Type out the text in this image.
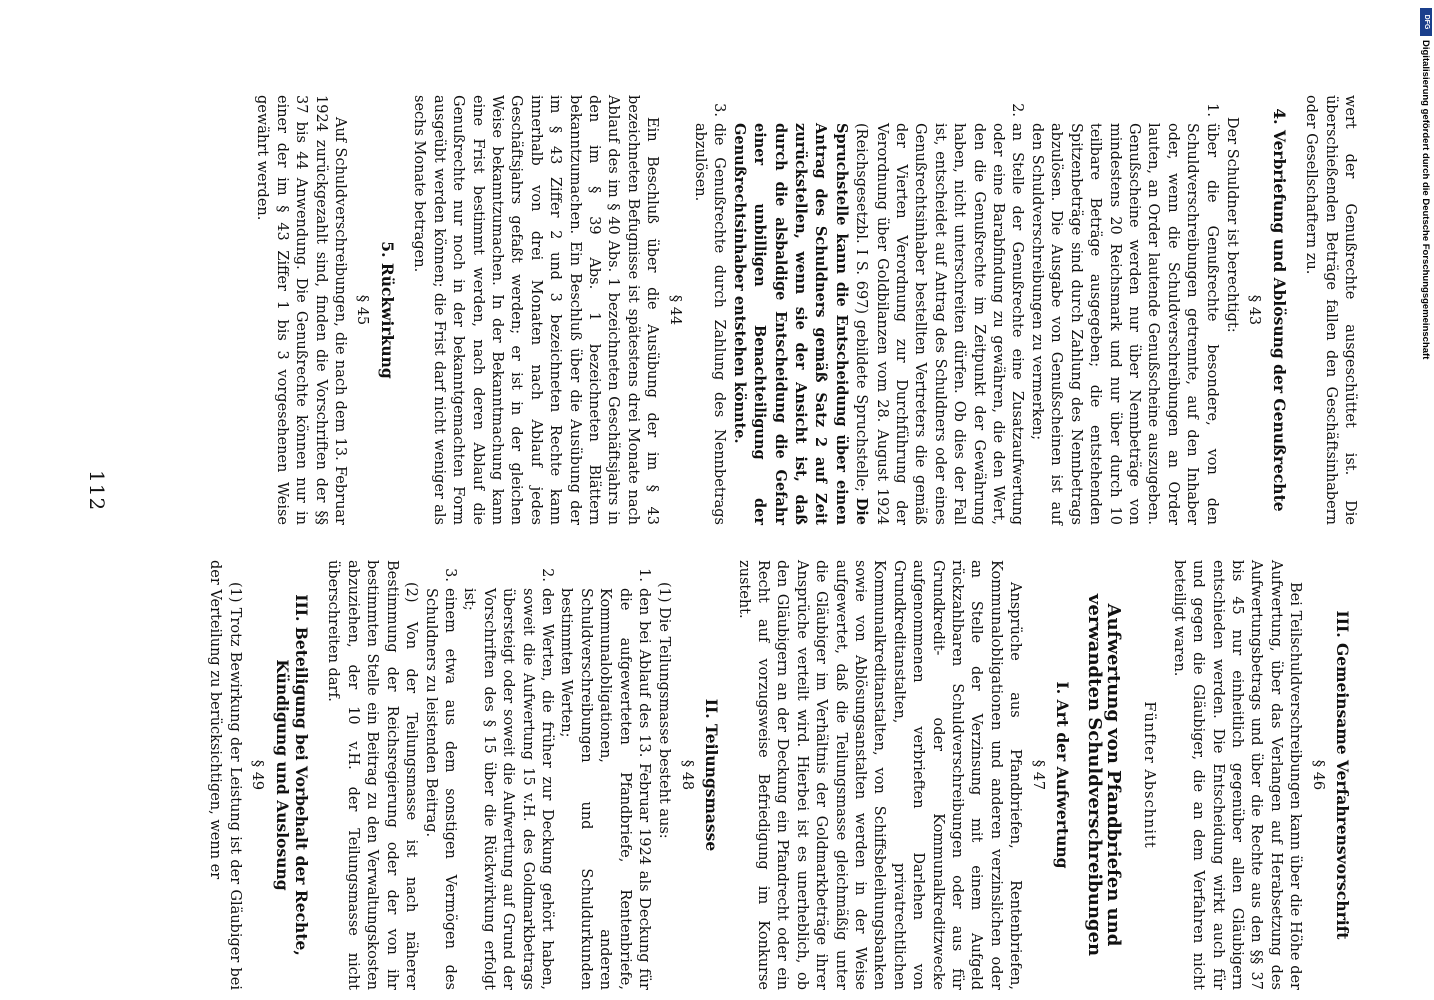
wert der Genußrechte ausgeschüttet ist. Die überschießenden Beträge fallen den Geschäftsinhabern oder Gesellschaftern zu.

4. Verbriefung und Ablösung der Genußrechte
§ 43

Der Schuldner ist berechtigt:

1.
über die Genußrechte besondere, von den Schuldverschreibungen getrennte, auf den Inhaber oder, wenn die Schuldverschreibungen an Order lauten, an Order lautende Genußscheine auszugeben. Genußscheine werden nur über Nennbeträge von mindestens 20 Reichsmark und nur über durch 10 teilbare Beträge ausgegeben; die entstehenden Spitzenbeträge sind durch Zahlung des Nennbetrags abzulösen. Die Ausgabe von Genußscheinen ist auf den Schuldverschreibungen zu vermerken;
2.
an Stelle der Genußrechte eine Zusatzaufwertung oder eine Barabfindung zu gewähren, die den Wert, den die Genußrechte im Zeitpunkt der Gewährung haben, nicht unterschreiten dürfen. Ob dies der Fall ist, entscheidet auf Antrag des Schuldners oder eines Genußrechtsinhaber bestellten Vertreters die gemäß der Vierten Verordnung zur Durchführung der Verordnung über Goldbilanzen vom 28. August 1924 (Reichsgesetzbl. I S. 697) gebildete Spruchstelle; Die Spruchstelle kann die Entscheidung über einen Antrag des Schuldners gemäß Satz 2 auf Zeit zurückstellen, wenn sie der Ansicht ist, daß durch die alsbaldige Entscheidung die Gefahr einer unbilligen Benachteiligung der Genußrechtsinhaber entstehen könnte.
3.
die Genußrechte durch Zahlung des Nennbetrags abzulösen.
§ 44

Ein Beschluß über die Ausübung der im § 43 bezeichneten Befugnisse ist spätestens drei Monate nach Ablauf des im § 40 Abs. 1 bezeichneten Geschäftsjahrs in den im § 39 Abs. 1 bezeichneten Blättern bekanntzumachen. Ein Beschluß über die Ausübung der im § 43 Ziffer 2 und 3 bezeichneten Rechte kann innerhalb von drei Monaten nach Ablauf jedes Geschäftsjahrs gefaßt werden; er ist in der gleichen Weise bekanntzumachen. In der Bekanntmachung kann eine Frist bestimmt werden, nach deren Ablauf die Genußrechte nur noch in der bekanntgemachten Form ausgeübt werden können; die Frist darf nicht weniger als sechs Monate betragen.

5. Rückwirkung
§ 45

Auf Schuldverschreibungen, die nach dem 13. Februar 1924 zurückgezahlt sind, finden die Vorschriften der §§ 37 bis 44 Anwendung. Die Genußrechte können nur in einer der im § 43 Ziffer 1 bis 3 vorgesehenen Weise gewährt werden.

III. Gemeinsame Verfahrensvorschrift
§ 46

Bei Teilschuldverschreibungen kann über die Höhe der Aufwertung, über das Verlangen auf Herabsetzung des Aufwertungsbetrags und über die Rechte aus den §§ 37 bis 45 nur einheitlich gegenüber allen Gläubigern entschieden werden. Die Entscheidung wirkt auch für und gegen die Gläubiger, die an dem Verfahren nicht beteiligt waren.

Fünfter Abschnitt
Aufwertung von Pfandbriefen und verwandten Schuldverschreibungen
I. Art der Aufwertung
§ 47

Ansprüche aus Pfandbriefen, Rentenbriefen, Kommunalobligationen und anderen verzinslichen oder an Stelle der Verzinsung mit einem Aufgeld rückzahlbaren Schuldverschreibungen oder aus für Grundkredit- oder Kommunalkreditzwecke aufgenommenen verbrieften Darlehen von Grundkreditanstalten, privatrechtlichen Kommunalkreditanstalten, von Schiffsbeleihungsbanken sowie von Ablösungsanstalten werden in der Weise aufgewertet, daß die Teilungsmasse gleichmäßig unter die Gläubiger im Verhältnis der Goldmarkbeträge ihrer Ansprüche verteilt wird. Hierbei ist es unerheblich, ob den Gläubigern an der Deckung ein Pfandrecht oder ein Recht auf vorzugsweise Befriedigung im Konkurse zusteht.

II. Teilungsmasse
§ 48

(1) Die Teilungsmasse besteht aus:

1.
den bei Ablauf des 13. Februar 1924 als Deckung für die aufgewerteten Pfandbriefe, Rentenbriefe, Kommunalobligationen, anderen Schuldverschreibungen und Schuldurkunden bestimmten Werten;
2.
den Werten, die früher zur Deckung gehört haben, soweit die Aufwertung 15 v.H. des Goldmarkbetrags übersteigt oder soweit die Aufwertung auf Grund der Vorschriften des § 15 über die Rückwirkung erfolgt ist;
3.
einem etwa aus dem sonstigen Vermögen des Schuldners zu leistenden Beitrag.

(2) Von der Teilungsmasse ist nach näherer Bestimmung der Reichsregierung oder der von ihr bestimmten Stelle ein Beitrag zu den Verwaltungskosten abzuziehen, der 10 v.H. der Teilungsmasse nicht überschreiten darf.

III. Beteiligung bei Vorbehalt der Rechte, Kündigung und Auslosung
§ 49

(1) Trotz Bewirkung der Leistung ist der Gläubiger bei der Verteilung zu berücksichtigen, wenn er

112
DFG
Digitalisierung gefördert durch die Deutsche Forschungsgemeinschaft
